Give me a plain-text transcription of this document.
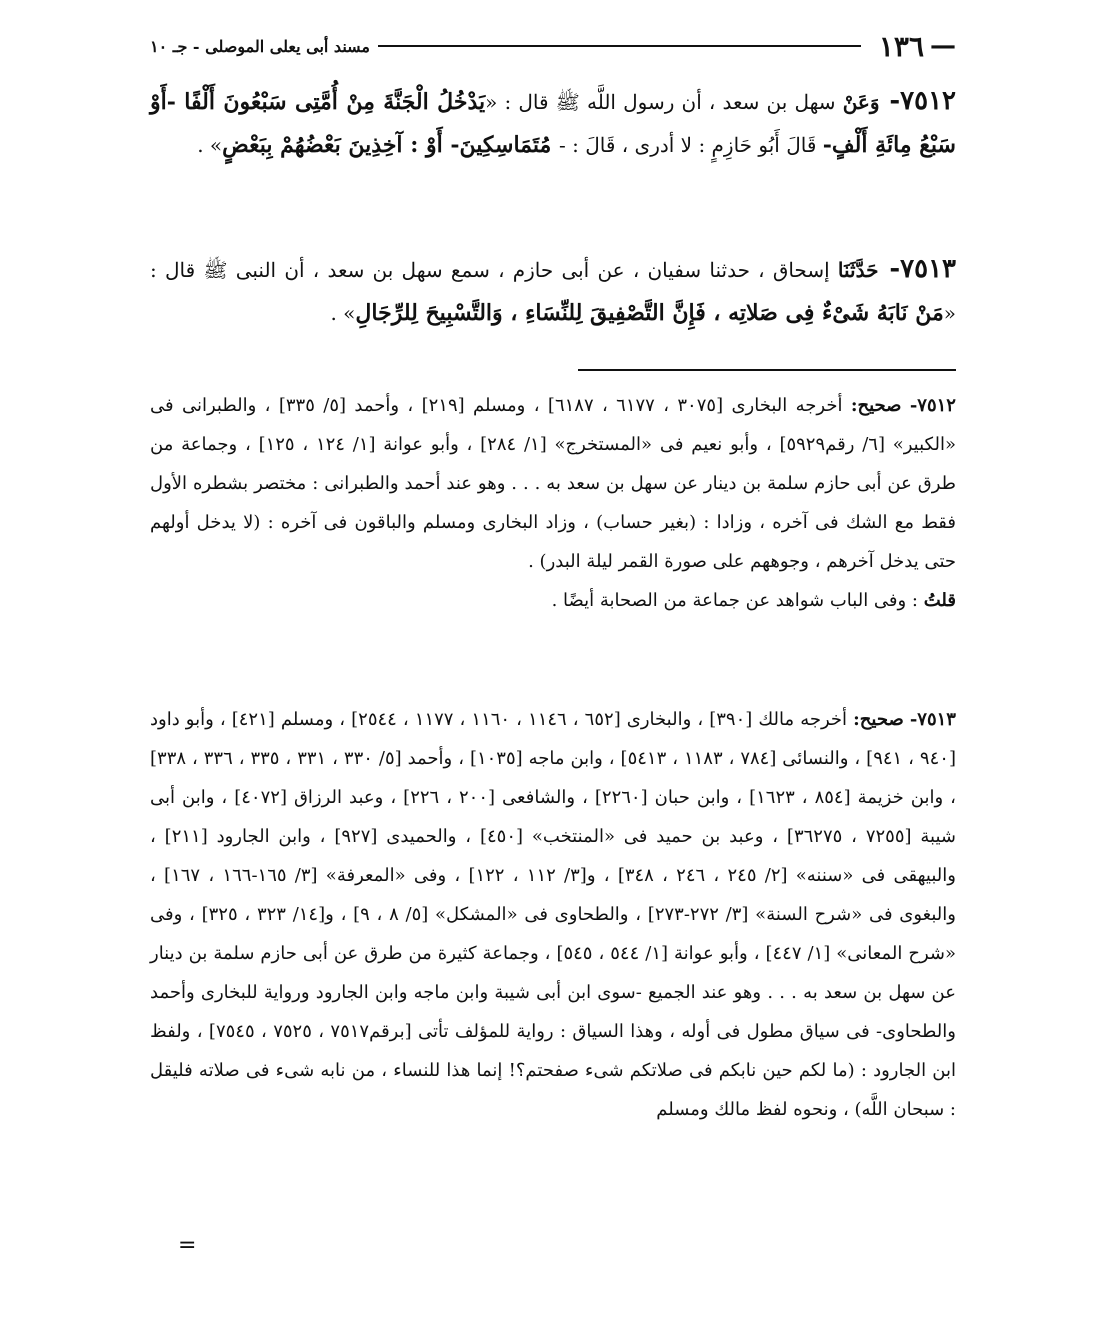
—
١٣٦
مسند أبى يعلى الموصلى - جـ ١٠
٧٥١٢- وَعَنْ سهل بن سعد ، أن رسول اللَّه ﷺ قال : «يَدْخُلُ الْجَنَّةَ مِنْ أُمَّتِى سَبْعُونَ أَلْفًا -أَوْ سَبْعُ مِائَةِ أَلْفٍ- قَالَ أَبُو حَازِمٍ : لا أدرى ، قَالَ : - مُتَمَاسِكِينَ- أَوْ : آخِذِينَ بَعْضُهُمْ بِبَعْضٍ» .
٧٥١٣- حَدَّثَنَا إسحاق ، حدثنا سفيان ، عن أبى حازم ، سمع سهل بن سعد ، أن النبى ﷺ قال : «مَنْ نَابَهُ شَىْءٌ فِى صَلاتِه ، فَإِنَّ التَّصْفِيقَ لِلنِّسَاءِ ، وَالتَّسْبِيحَ لِلرِّجَالِ» .
٧٥١٢- صحيح: أخرجه البخارى [٣٠٧٥ ، ٦١٧٧ ، ٦١٨٧] ، ومسلم [٢١٩] ، وأحمد [٥/ ٣٣٥] ، والطبرانى فى «الكبير» [٦/ رقم٥٩٢٩] ، وأبو نعيم فى «المستخرج» [١/ ٢٨٤] ، وأبو عوانة [١/ ١٢٤ ، ١٢٥] ، وجماعة من طرق عن أبى حازم سلمة بن دينار عن سهل بن سعد به . . . وهو عند أحمد والطبرانى : مختصر بشطره الأول فقط مع الشك فى آخره ، وزادا : (بغير حساب) ، وزاد البخارى ومسلم والباقون فى آخره : (لا يدخل أولهم حتى يدخل آخرهم ، وجوههم على صورة القمر ليلة البدر) .
قلتُ : وفى الباب شواهد عن جماعة من الصحابة أيضًا .
٧٥١٣- صحيح: أخرجه مالك [٣٩٠] ، والبخارى [٦٥٢ ، ١١٤٦ ، ١١٦٠ ، ١١٧٧ ، ٢٥٤٤] ، ومسلم [٤٢١] ، وأبو داود [٩٤٠ ، ٩٤١] ، والنسائى [٧٨٤ ، ١١٨٣ ، ٥٤١٣] ، وابن ماجه [١٠٣٥] ، وأحمد [٥/ ٣٣٠ ، ٣٣١ ، ٣٣٥ ، ٣٣٦ ، ٣٣٨] ، وابن خزيمة [٨٥٤ ، ١٦٢٣] ، وابن حبان [٢٢٦٠] ، والشافعى [٢٠٠ ، ٢٢٦] ، وعبد الرزاق [٤٠٧٢] ، وابن أبى شيبة [٧٢٥٥ ، ٣٦٢٧٥] ، وعبد بن حميد فى «المنتخب» [٤٥٠] ، والحميدى [٩٢٧] ، وابن الجارود [٢١١] ، والبيهقى فى «سننه» [٢/ ٢٤٥ ، ٢٤٦ ، ٣٤٨] ، و[٣/ ١١٢ ، ١٢٢] ، وفى «المعرفة» [٣/ ١٦٥-١٦٦ ، ١٦٧] ، والبغوى فى «شرح السنة» [٣/ ٢٧٢-٢٧٣] ، والطحاوى فى «المشكل» [٥/ ٨ ، ٩] ، و[١٤/ ٣٢٣ ، ٣٢٥] ، وفى «شرح المعانى» [١/ ٤٤٧] ، وأبو عوانة [١/ ٥٤٤ ، ٥٤٥] ، وجماعة كثيرة من طرق عن أبى حازم سلمة بن دينار عن سهل بن سعد به . . . وهو عند الجميع -سوى ابن أبى شيبة وابن ماجه وابن الجارود ورواية للبخارى وأحمد والطحاوى- فى سياق مطول فى أوله ، وهذا السياق : رواية للمؤلف تأتى [برقم٧٥١٧ ، ٧٥٢٥ ، ٧٥٤٥] ، ولفظ ابن الجارود : (ما لكم حين نابكم فى صلاتكم شىء صفحتم؟! إنما هذا للنساء ، من نابه شىء فى صلاته فليقل : سبحان اللَّه) ، ونحوه لفظ مالك ومسلم
=
